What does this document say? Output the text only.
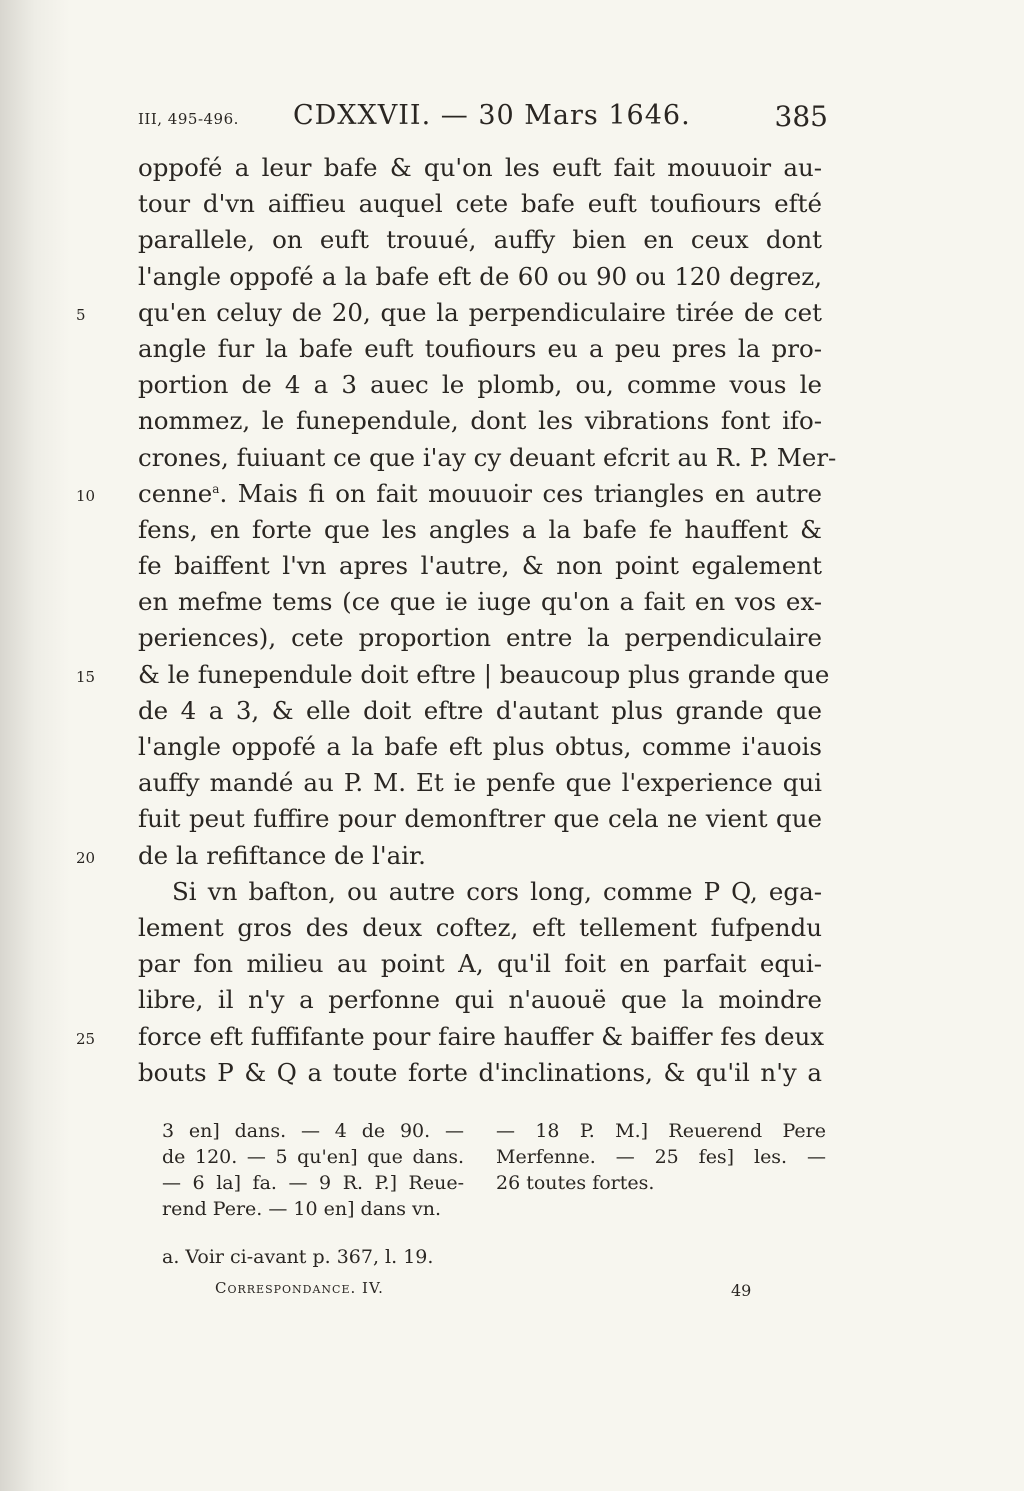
III, 495-496. CDXXVII. — 30 Mars 1646.	385
oppofé a leur bafe & qu'on les euft fait mouuoir au-
tour d'vn aiffieu auquel cete bafe euft toufiours efté
parallele, on euft trouué, auffy bien en ceux dont
l'angle oppofé a la bafe eft de 60 ou 90 ou 120 degrez,
5	qu'en celuy de 20, que la perpendiculaire tirée de cet
angle fur la bafe euft toufiours eu a peu pres la pro-
portion de 4 a 3 auec le plomb, ou, comme vous le
nommez, le funependule, dont les vibrations font ifo-
crones, fuiuant ce que i'ay cy deuant efcrit au R. P. Mer-
10	cenne$^a$. Mais fi on fait mouuoir ces triangles en autre
fens, en forte que les angles a la bafe fe hauffent &
fe baiffent l'vn apres l'autre, & non point egalement
en mefme tems (ce que ie iuge qu'on a fait en vos ex-
periences), cete proportion entre la perpendiculaire
15	& le funependule doit eftre | beaucoup plus grande que
de 4 a 3, & elle doit eftre d'autant plus grande que
l'angle oppofé a la bafe eft plus obtus, comme i'auois
auffy mandé au P. M. Et ie penfe que l'experience qui
fuit peut fuffire pour demonftrer que cela ne vient que
20	de la refiftance de l'air.
Si vn bafton, ou autre cors long, comme P Q, ega-
lement gros des deux coftez, eft tellement fufpendu
par fon milieu au point A, qu'il foit en parfait equi-
libre, il n'y a perfonne qui n'auouë que la moindre
25	force eft fuffifante pour faire hauffer & baiffer fes deux
bouts P & Q a toute forte d'inclinations, & qu'il n'y a
3 en] dans. — 4 de 90. —
de 120. — 5 qu'en] que dans.
— 6 la] fa. — 9 R. P.] Reue-
rend Pere. — 10 en] dans vn.
— 18 P. M.] Reuerend Pere
Merfenne. — 25 fes] les. —
26 toutes fortes.
a. Voir ci-avant p. 367, l. 19.
Correspondance. IV.	49
